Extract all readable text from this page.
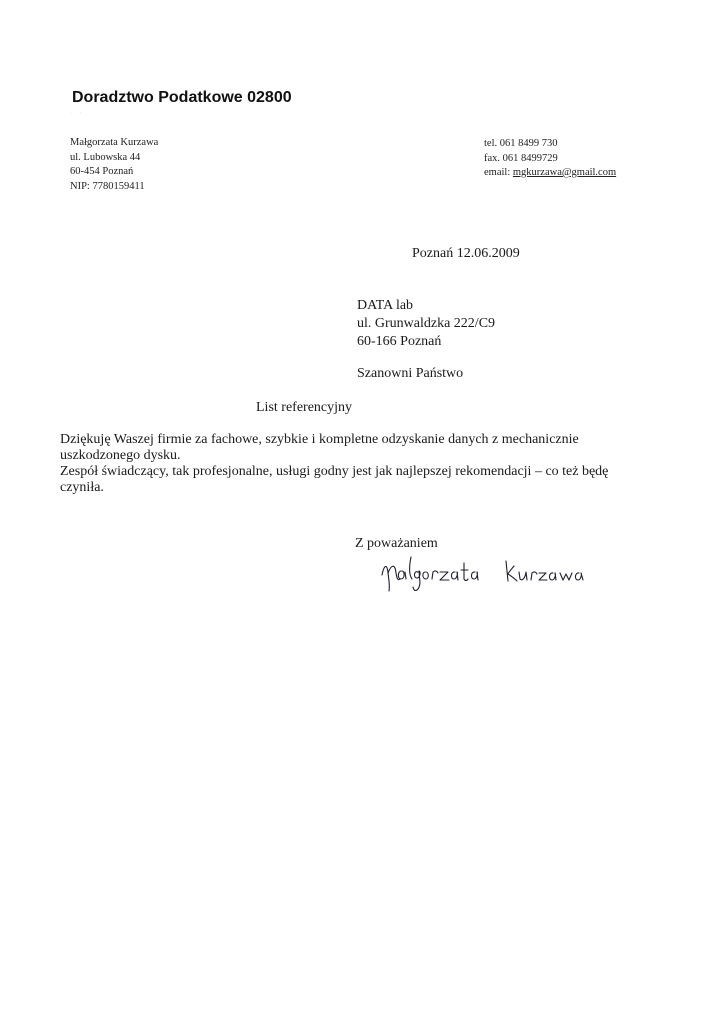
Doradztwo Podatkowe 02800
· ·
Małgorzata Kurzawa
ul. Lubowska 44
60-454 Poznań
NIP: 7780159411
tel. 061 8499 730
fax. 061 8499729
email: mgkurzawa@gmail.com
Poznań 12.06.2009
DATA lab
ul. Grunwaldzka 222/C9
60-166 Poznań
Szanowni Państwo
List referencyjny

Dziękuję Waszej firmie za fachowe, szybkie i kompletne odzyskanie danych z mechanicznie uszkodzonego dysku.

Zespół świadczący, tak profesjonalne, usługi godny jest jak najlepszej rekomendacji – co też będę czyniła.

Z poważaniem
